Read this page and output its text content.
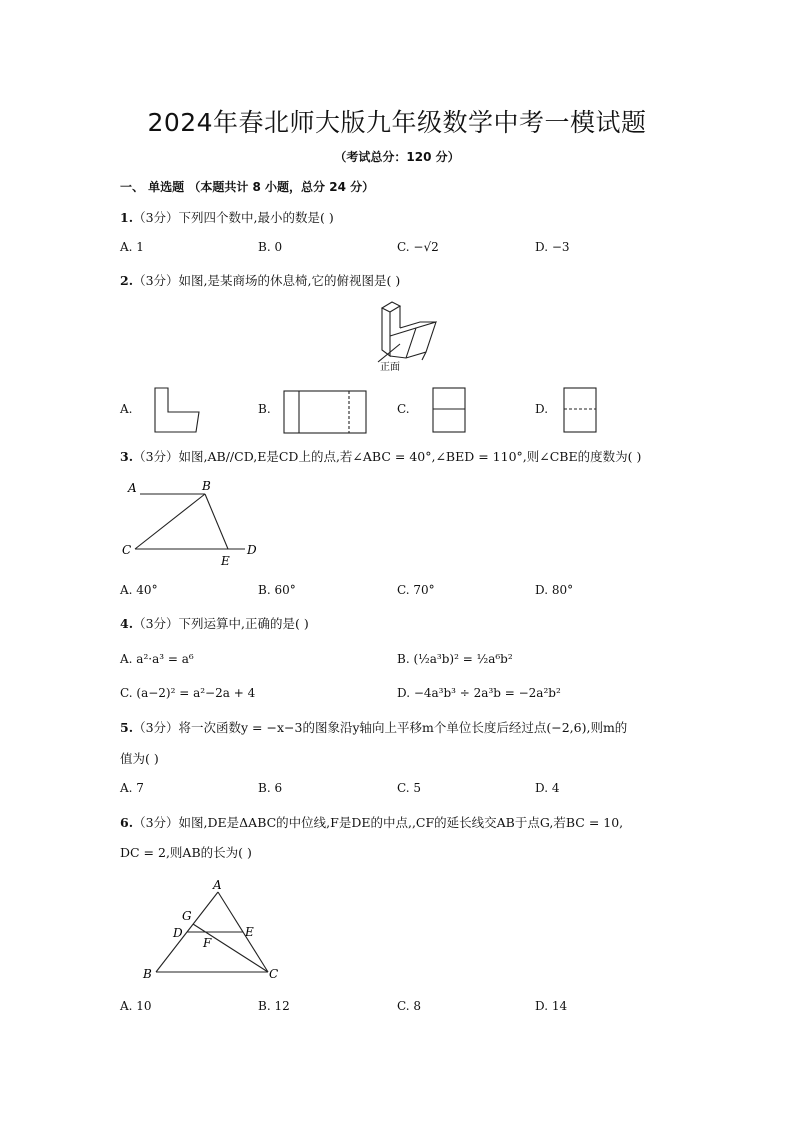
2024年春北师大版九年级数学中考一模试题
（考试总分：120 分）
一、 单选题 （本题共计 8 小题，总分 24 分）
1.（3分）下列四个数中,最小的数是( )
A. 1	B. 0	C. −√2	D. −3
2.（3分）如图,是某商场的休息椅,它的俯视图是( )
正面
A.	B.	C.	D.
3.（3分）如图,AB//CD,E是CD上的点,若∠ABC = 40°,∠BED = 110°,则∠CBE的度数为( )
A	B
C
E
D
A. 40°	B. 60°	C. 70°	D. 80°
4.（3分）下列运算中,正确的是( )
A. a²·a³ = a⁶	B. (½a³b)² = ½a⁶b²
C. (a−2)² = a²−2a + 4	D. −4a³b³ ÷ 2a³b = −2a²b²
5.（3分）将一次函数y = −x−3的图象沿y轴向上平移m个单位长度后经过点(−2,6),则m的
值为( )
A. 7	B. 6	C. 5	D. 4
6.（3分）如图,DE是ΔABC的中位线,F是DE的中点,,CF的延长线交AB于点G,若BC = 10,
DC = 2,则AB的长为( )
A
G
D	E
F
B	C
A. 10	B. 12	C. 8	D. 14
